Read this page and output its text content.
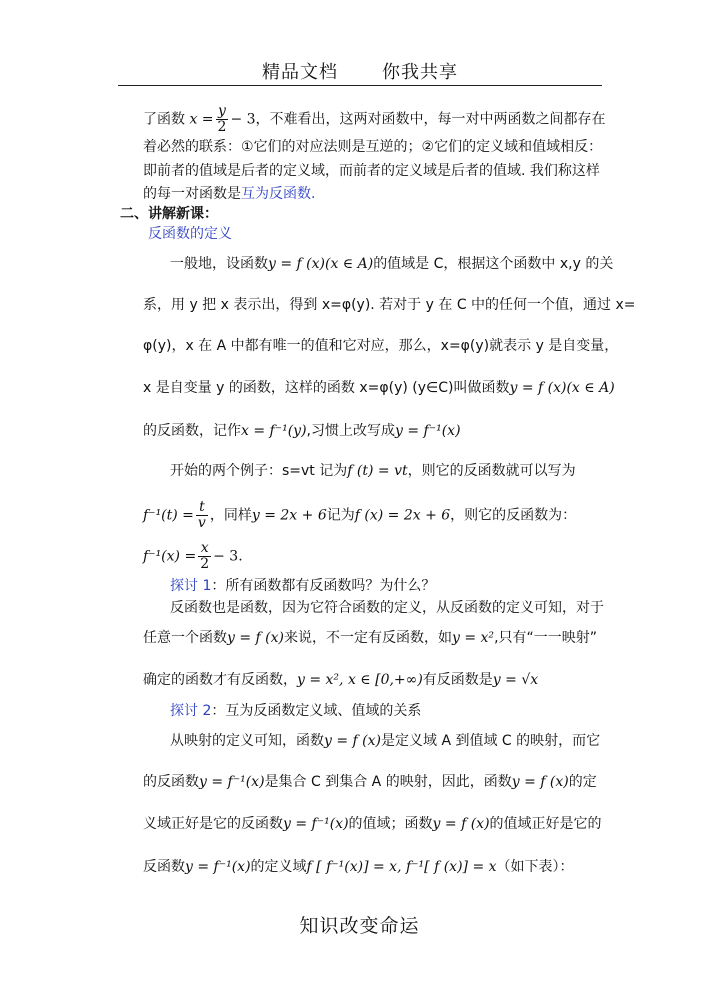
精品文档 你我共享
了函数 $x = \frac{y}{2} - 3$，不难看出，这两对函数中，每一对中两函数之间都存在
着必然的联系：①它们的对应法则是互逆的；②它们的定义域和值域相反：
即前者的值域是后者的定义域，而前者的定义域是后者的值域. 我们称这样
的每一对函数是互为反函数.
二、讲解新课：
反函数的定义
一般地，设函数y = f (x)(x ∈ A)的值域是 C，根据这个函数中 x,y 的关
系，用 y 把 x 表示出，得到 x=φ(y). 若对于 y 在 C 中的任何一个值，通过 x=
φ(y)，x 在 A 中都有唯一的值和它对应，那么，x=φ(y)就表示 y 是自变量，
x 是自变量 y 的函数，这样的函数 x=φ(y) (y∈C)叫做函数y = f (x)(x ∈ A)
的反函数，记作x = f⁻¹(y),习惯上改写成y = f⁻¹(x)
开始的两个例子：s=vt 记为f (t) = vt，则它的反函数就可以写为
$f^{-1}(t) = \frac{t}{v}$ ，同样y = 2x + 6记为f (x) = 2x + 6，则它的反函数为：
$f^{-1}(x) = \frac{x}{2} - 3$.
探讨 1：所有函数都有反函数吗？为什么？
反函数也是函数，因为它符合函数的定义，从反函数的定义可知，对于
任意一个函数y = f (x)来说，不一定有反函数，如y = x²,只有“一一映射”
确定的函数才有反函数，y = x², x ∈ [0,+∞)有反函数是y = √x
探讨 2：互为反函数定义域、值域的关系
从映射的定义可知，函数y = f (x)是定义域 A 到值域 C 的映射，而它
的反函数y = f⁻¹(x)是集合 C 到集合 A 的映射，因此，函数y = f (x)的定
义域正好是它的反函数y = f⁻¹(x)的值域；函数y = f (x)的值域正好是它的
反函数y = f⁻¹(x)的定义域f [ f⁻¹(x)] = x, f⁻¹[ f (x)] = x（如下表）：
知识改变命运
